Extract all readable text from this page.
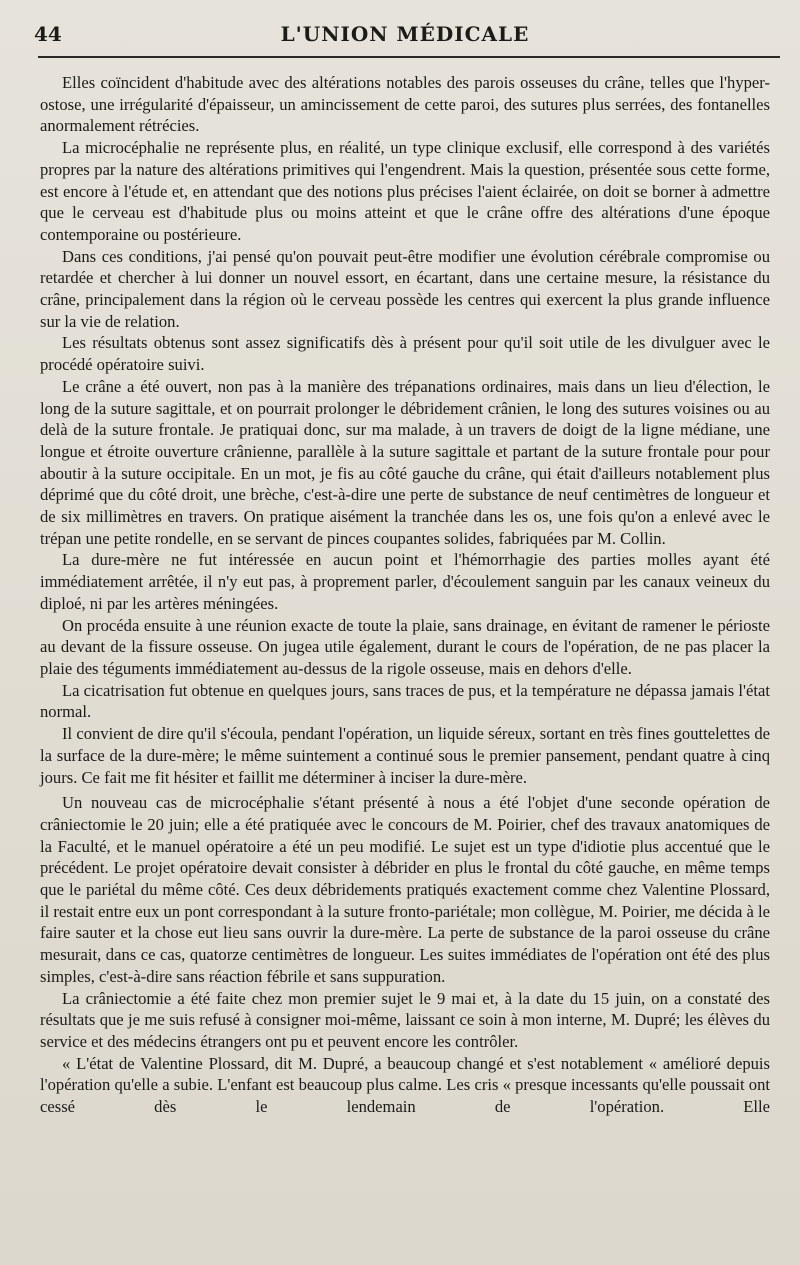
44	L'UNION MÉDICALE

Elles coïncident d'habitude avec des altérations notables des parois osseuses du crâne, telles que l'hyper-ostose, une irrégularité d'épaisseur, un amincissement de cette paroi, des sutures plus serrées, des fontanelles anormalement rétrécies.

La microcéphalie ne représente plus, en réalité, un type clinique exclusif, elle correspond à des variétés propres par la nature des altérations primitives qui l'engendrent. Mais la question, présentée sous cette forme, est encore à l'étude et, en attendant que des notions plus précises l'aient éclairée, on doit se borner à admettre que le cerveau est d'habitude plus ou moins atteint et que le crâne offre des altérations d'une époque contemporaine ou postérieure.

Dans ces conditions, j'ai pensé qu'on pouvait peut-être modifier une évolution cérébrale compromise ou retardée et chercher à lui donner un nouvel essort, en écartant, dans une certaine mesure, la résistance du crâne, principalement dans la région où le cerveau possède les centres qui exercent la plus grande influence sur la vie de relation.

Les résultats obtenus sont assez significatifs dès à présent pour qu'il soit utile de les divulguer avec le procédé opératoire suivi.

Le crâne a été ouvert, non pas à la manière des trépanations ordinaires, mais dans un lieu d'élection, le long de la suture sagittale, et on pourrait prolonger le débridement crânien, le long des sutures voisines ou au delà de la suture frontale. Je pratiquai donc, sur ma malade, à un travers de doigt de la ligne médiane, une longue et étroite ouverture crânienne, parallèle à la suture sagittale et partant de la suture frontale pour pour aboutir à la suture occipitale. En un mot, je fis au côté gauche du crâne, qui était d'ailleurs notablement plus déprimé que du côté droit, une brèche, c'est-à-dire une perte de substance de neuf centimètres de longueur et de six millimètres en travers. On pratique aisément la tranchée dans les os, une fois qu'on a enlevé avec le trépan une petite rondelle, en se servant de pinces coupantes solides, fabriquées par M. Collin.

La dure-mère ne fut intéressée en aucun point et l'hémorrhagie des parties molles ayant été immédiatement arrêtée, il n'y eut pas, à proprement parler, d'écoulement sanguin par les canaux veineux du diploé, ni par les artères méningées.

On procéda ensuite à une réunion exacte de toute la plaie, sans drainage, en évitant de ramener le périoste au devant de la fissure osseuse. On jugea utile également, durant le cours de l'opération, de ne pas placer la plaie des téguments immédiatement au-dessus de la rigole osseuse, mais en dehors d'elle.

La cicatrisation fut obtenue en quelques jours, sans traces de pus, et la température ne dépassa jamais l'état normal.

Il convient de dire qu'il s'écoula, pendant l'opération, un liquide séreux, sortant en très fines gouttelettes de la surface de la dure-mère; le même suintement a continué sous le premier pansement, pendant quatre à cinq jours. Ce fait me fit hésiter et faillit me déterminer à inciser la dure-mère.

Un nouveau cas de microcéphalie s'étant présenté à nous a été l'objet d'une seconde opération de crâniectomie le 20 juin; elle a été pratiquée avec le concours de M. Poirier, chef des travaux anatomiques de la Faculté, et le manuel opératoire a été un peu modifié. Le sujet est un type d'idiotie plus accentué que le précédent. Le projet opératoire devait consister à débrider en plus le frontal du côté gauche, en même temps que le pariétal du même côté. Ces deux débridements pratiqués exactement comme chez Valentine Plossard, il restait entre eux un pont correspondant à la suture fronto-pariétale; mon collègue, M. Poirier, me décida à le faire sauter et la chose eut lieu sans ouvrir la dure-mère. La perte de substance de la paroi osseuse du crâne mesurait, dans ce cas, quatorze centimètres de longueur. Les suites immédiates de l'opération ont été des plus simples, c'est-à-dire sans réaction fébrile et sans suppuration.

La crâniectomie a été faite chez mon premier sujet le 9 mai et, à la date du 15 juin, on a constaté des résultats que je me suis refusé à consigner moi-même, laissant ce soin à mon interne, M. Dupré; les élèves du service et des médecins étrangers ont pu et peuvent encore les contrôler.

« L'état de Valentine Plossard, dit M. Dupré, a beaucoup changé et s'est notablement « amélioré depuis l'opération qu'elle a subie. L'enfant est beaucoup plus calme. Les cris « presque incessants qu'elle poussait ont cessé dès le lendemain de l'opération. Elle
